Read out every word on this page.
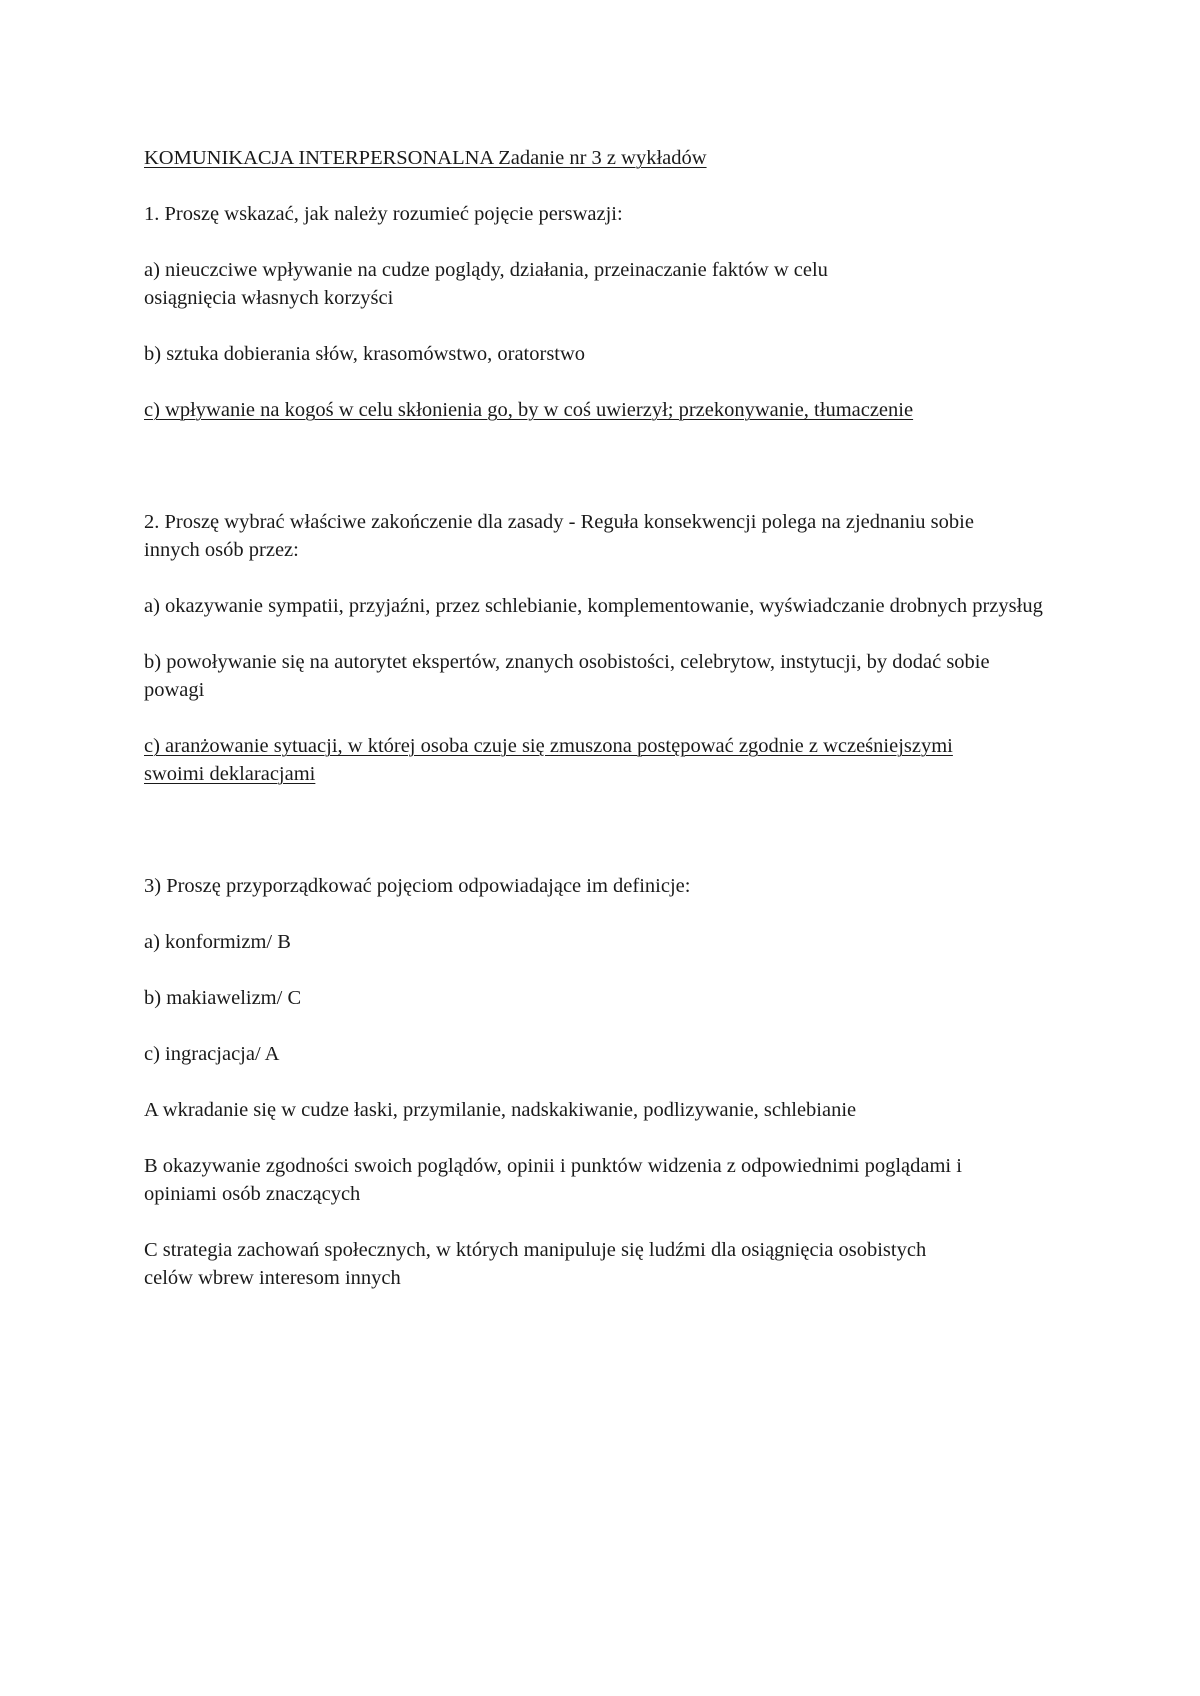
KOMUNIKACJA INTERPERSONALNA Zadanie nr 3 z wykładów

1. Proszę wskazać, jak należy rozumieć pojęcie perswazji:

a) nieuczciwe wpływanie na cudze poglądy, działania, przeinaczanie faktów w celu osiągnięcia własnych korzyści

b) sztuka dobierania słów, krasomówstwo, oratorstwo

c) wpływanie na kogoś w celu skłonienia go, by w coś uwierzył; przekonywanie, tłumaczenie

2. Proszę wybrać właściwe zakończenie dla zasady - Reguła konsekwencji polega na zjednaniu sobie innych osób przez:

a) okazywanie sympatii, przyjaźni, przez schlebianie, komplementowanie, wyświadczanie drobnych przysług

b) powoływanie się na autorytet ekspertów, znanych osobistości, celebrytow, instytucji, by dodać sobie powagi

c) aranżowanie sytuacji, w której osoba czuje się zmuszona postępować zgodnie z wcześniejszymi swoimi deklaracjami

3) Proszę przyporządkować pojęciom odpowiadające im definicje:

a) konformizm/ B

b) makiawelizm/ C

c) ingracjacja/ A

A wkradanie się w cudze łaski, przymilanie, nadskakiwanie, podlizywanie, schlebianie

B okazywanie zgodności swoich poglądów, opinii i punktów widzenia z odpowiednimi poglądami i opiniami osób znaczących

C strategia zachowań społecznych, w których manipuluje się ludźmi dla osiągnięcia osobistych celów wbrew interesom innych
